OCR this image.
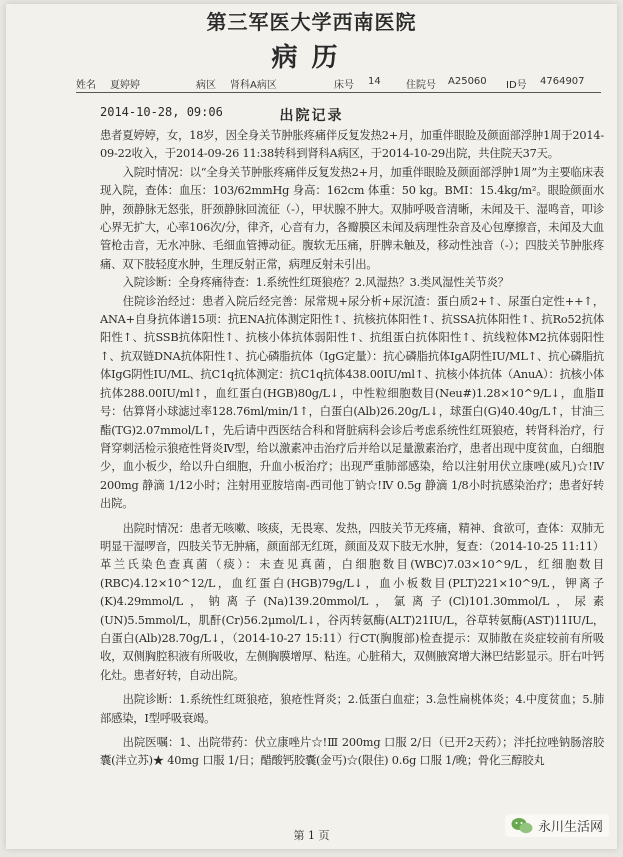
第三军医大学西南医院
病历
姓名 夏婷婷	病区 肾科A病区	床号 14	住院号 A25060 ID号 4764907
2014-10-28, 09:06	出院记录

患者夏婷婷，女，18岁，因全身关节肿胀疼痛伴反复发热2+月，加重伴眼睑及颜面部浮肿1周于2014-09-22收入，于2014-09-26 11:38转科到肾科A病区，于2014-10-29出院，共住院天37天。

入院时情况：以“全身关节肿胀疼痛伴反复发热2+月，加重伴眼睑及颜面部浮肿1周”为主要临床表现入院，查体：血压：103/62mmHg 身高：162cm 体重：50 kg。BMI：15.4kg/m²。眼睑颜面水肿，颈静脉无怒张，肝颈静脉回流征（-），甲状腺不肿大。双肺呼吸音清晰，未闻及干、湿鸣音，叩诊心界无扩大，心率106次/分，律齐，心音有力，各瓣膜区未闻及病理性杂音及心包摩擦音，未闻及大血管枪击音，无水冲脉、毛细血管搏动征。腹软无压痛，肝脾未触及，移动性浊音（-）；四肢关节肿胀疼痛、双下肢轻度水肿，生理反射正常，病理反射未引出。

入院诊断：全身疼痛待查：1.系统性红斑狼疮？2.风湿热？3.类风湿性关节炎？

住院诊治经过：患者入院后经完善：尿常规+尿分析+尿沉渣：蛋白质2+↑、尿蛋白定性++↑，ANA+自身抗体谱15项：抗ENA抗体测定阳性↑、抗核抗体阳性↑、抗SSA抗体阳性↑、抗Ro52抗体阳性↑、抗SSB抗体阳性↑、抗核小体抗体弱阳性↑、抗组蛋白抗体阳性↑、抗线粒体M2抗体弱阳性↑、抗双链DNA抗体阳性↑、抗心磷脂抗体（IgG定量）：抗心磷脂抗体IgA阴性IU/ML↑、抗心磷脂抗体IgG阴性IU/ML、抗C1q抗体测定：抗C1q抗体438.00IU/ml↑、抗核小体抗体（AnuA）：抗核小体抗体288.00IU/ml↑，血红蛋白(HGB)80g/L↓，中性粒细胞数目(Neu#)1.28×10^9/L↓，血脂Ⅱ号：估算肾小球滤过率128.76ml/min/1↑，白蛋白(Alb)26.20g/L↓，球蛋白(G)40.40g/L↑，甘油三酯(TG)2.07mmol/L↑，先后请中西医结合科和肾脏病科会诊后考虑系统性红斑狼疮，转肾科治疗，行肾穿刺活检示狼疮性肾炎Ⅳ型，给以激素冲击治疗后并给以足量激素治疗，患者出现中度贫血，白细胞少，血小板少，给以升白细胞，升血小板治疗；出现严重肺部感染，给以注射用伏立康唑(威凡)☆!Ⅳ 200mg 静滴 1/12小时；注射用亚胺培南-西司他丁钠☆!Ⅳ 0.5g 静滴 1/8小时抗感染治疗；患者好转出院。

出院时情况：患者无咳嗽、咳痰，无畏寒、发热，四肢关节无疼痛，精神、食欲可，查体：双肺无明显干湿啰音，四肢关节无肿痛，颜面部无红斑，颜面及双下肢无水肿，复查：（2014-10-25 11:11）革兰氏染色查真菌（痰）：未查见真菌，白细胞数目(WBC)7.03×10^9/L，红细胞数目(RBC)4.12×10^12/L，血红蛋白(HGB)79g/L↓，血小板数目(PLT)221×10^9/L，钾离子(K)4.29mmol/L，钠离子(Na)139.20mmol/L，氯离子(Cl)101.30mmol/L，尿素(UN)5.5mmol/L，肌酐(Cr)56.2μmol/L↓，谷丙转氨酶(ALT)21IU/L，谷草转氨酶(AST)11IU/L，白蛋白(Alb)28.70g/L↓，（2014-10-27 15:11）行CT(胸腹部)检查提示：双肺散在炎症较前有所吸收，双侧胸腔积液有所吸收，左侧胸膜增厚、粘连。心脏稍大，双侧腋窝增大淋巴结影显示。肝右叶钙化灶。患者好转，自动出院。

出院诊断：1.系统性红斑狼疮，狼疮性肾炎；2.低蛋白血症；3.急性扁桃体炎；4.中度贫血；5.肺部感染，Ⅰ型呼吸衰竭。

出院医嘱：1、出院带药：伏立康唑片☆!Ⅲ 200mg 口服 2/日（已开2天药）；泮托拉唑钠肠溶胶囊(泮立苏)★ 40mg 口服 1/日；醋酸钙胶囊(金丐)☆(限住) 0.6g 口服 1/晚；骨化三醇胶丸

第 1 页
永川生活网
